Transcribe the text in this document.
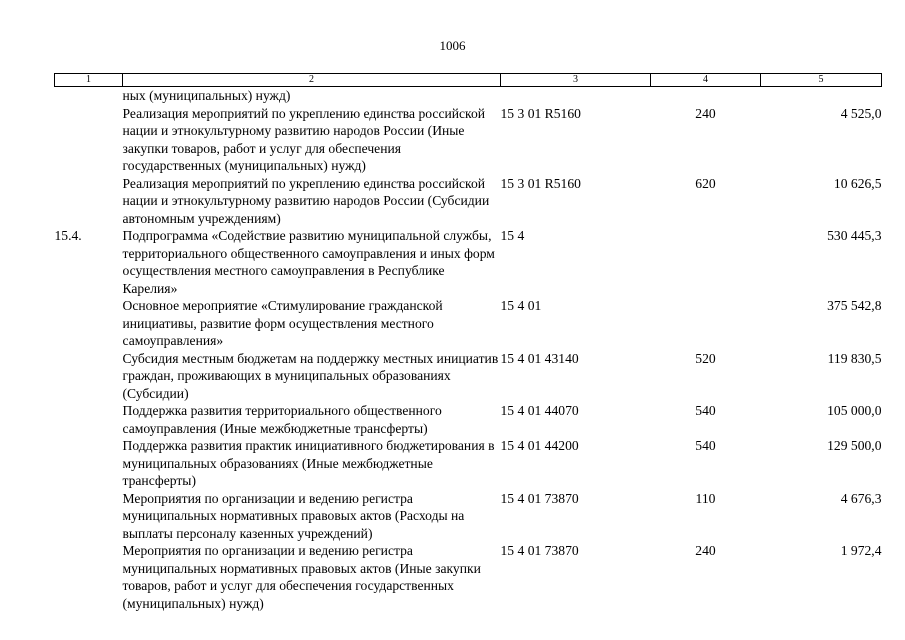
1006
1	2	3	4	5
	ных (муниципальных) нужд)			
	Реализация мероприятий по укреплению единства российской нации и этнокультурному развитию народов России (Иные закупки товаров, работ и услуг для обеспечения государственных (муниципальных) нужд)	15 3 01 R5160	240	4 525,0
	Реализация мероприятий по укреплению единства российской нации и этнокультурному развитию народов России (Субсидии автономным учреждениям)	15 3 01 R5160	620	10 626,5
15.4.	Подпрограмма «Содействие развитию муниципальной службы, территориального общественного самоуправления и иных форм осуществления местного самоуправления в Республике Карелия»	15 4		530 445,3
	Основное мероприятие «Стимулирование гражданской инициативы, развитие форм осуществления местного самоуправления»	15 4 01		375 542,8
	Субсидия местным бюджетам на поддержку местных инициатив граждан, проживающих в муниципальных образованиях (Субсидии)	15 4 01 43140	520	119 830,5
	Поддержка развития территориального общественного самоуправления (Иные межбюджетные трансферты)	15 4 01 44070	540	105 000,0
	Поддержка развития практик инициативного бюджетирования в муниципальных образованиях (Иные межбюджетные трансферты)	15 4 01 44200	540	129 500,0
	Мероприятия по организации и ведению регистра муниципальных нормативных правовых актов (Расходы на выплаты персоналу казенных учреждений)	15 4 01 73870	110	4 676,3
	Мероприятия по организации и ведению регистра муниципальных нормативных правовых актов (Иные закупки товаров, работ и услуг для обеспечения государственных (муниципальных) нужд)	15 4 01 73870	240	1 972,4
